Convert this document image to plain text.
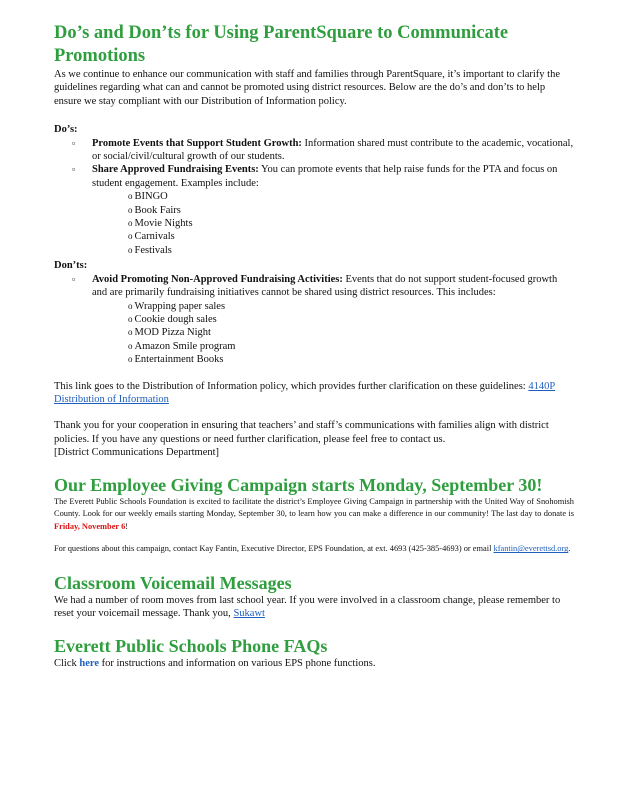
Do’s and Don’ts for Using ParentSquare to Communicate Promotions

As we continue to enhance our communication with staff and families through ParentSquare, it’s important to clarify the guidelines regarding what can and cannot be promoted using district resources. Below are the do’s and don’ts to help ensure we stay compliant with our Distribution of Information policy.

Do’s:
▫ Promote Events that Support Student Growth: Information shared must contribute to the academic, vocational, or social/civil/cultural growth of our students.
▫ Share Approved Fundraising Events: You can promote events that help raise funds for the PTA and focus on student engagement. Examples include:
o BINGO
o Book Fairs
o Movie Nights
o Carnivals
o Festivals
Don’ts:
▫ Avoid Promoting Non-Approved Fundraising Activities: Events that do not support student-focused growth and are primarily fundraising initiatives cannot be shared using district resources. This includes:
o Wrapping paper sales
o Cookie dough sales
o MOD Pizza Night
o Amazon Smile program
o Entertainment Books

This link goes to the Distribution of Information policy, which provides further clarification on these guidelines: 4140P Distribution of Information

Thank you for your cooperation in ensuring that teachers’ and staff’s communications with families align with district policies. If you have any questions or need further clarification, please feel free to contact us.

[District Communications Department]

Our Employee Giving Campaign starts Monday, September 30!

The Everett Public Schools Foundation is excited to facilitate the district’s Employee Giving Campaign in partnership with the United Way of Snohomish County. Look for our weekly emails starting Monday, September 30, to learn how you can make a difference in our community! The last day to donate is Friday, November 6!

For questions about this campaign, contact Kay Fantin, Executive Director, EPS Foundation, at ext. 4693 (425-385-4693) or email kfantin@everettsd.org.

Classroom Voicemail Messages

We had a number of room moves from last school year. If you were involved in a classroom change, please remember to reset your voicemail message. Thank you, Sukawt

Everett Public Schools Phone FAQs

Click here for instructions and information on various EPS phone functions.
